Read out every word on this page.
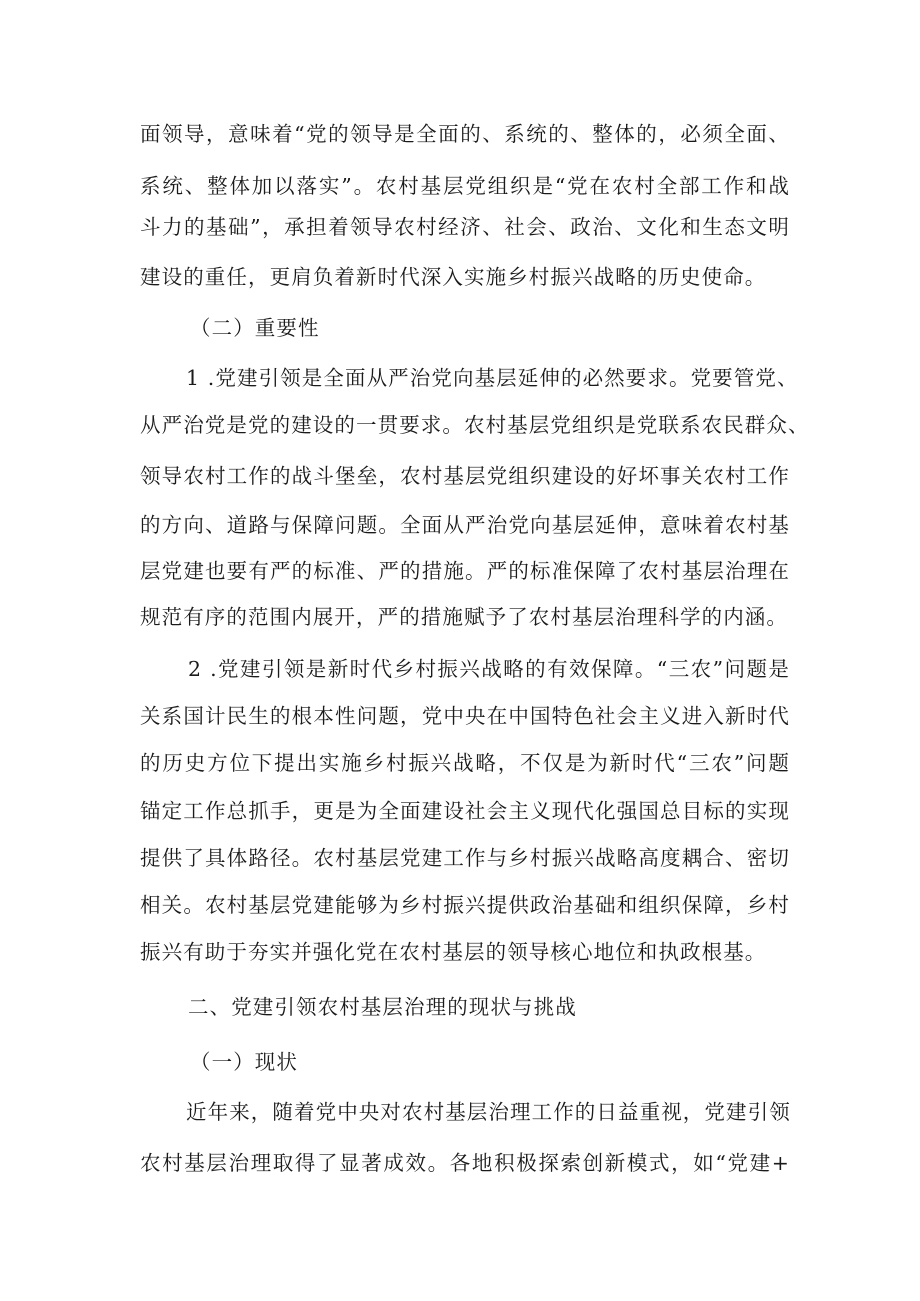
面领导，意味着“党的领导是全面的、系统的、整体的，必须全面、
系统、整体加以落实”。农村基层党组织是“党在农村全部工作和战
斗力的基础”，承担着领导农村经济、社会、政治、文化和生态文明
建设的重任，更肩负着新时代深入实施乡村振兴战略的历史使命。
（二）重要性
1 .党建引领是全面从严治党向基层延伸的必然要求。党要管党、
从严治党是党的建设的一贯要求。农村基层党组织是党联系农民群众、
领导农村工作的战斗堡垒，农村基层党组织建设的好坏事关农村工作
的方向、道路与保障问题。全面从严治党向基层延伸，意味着农村基
层党建也要有严的标准、严的措施。严的标准保障了农村基层治理在
规范有序的范围内展开，严的措施赋予了农村基层治理科学的内涵。
2 .党建引领是新时代乡村振兴战略的有效保障。“三农”问题是
关系国计民生的根本性问题，党中央在中国特色社会主义进入新时代
的历史方位下提出实施乡村振兴战略，不仅是为新时代“三农”问题
锚定工作总抓手，更是为全面建设社会主义现代化强国总目标的实现
提供了具体路径。农村基层党建工作与乡村振兴战略高度耦合、密切
相关。农村基层党建能够为乡村振兴提供政治基础和组织保障，乡村
振兴有助于夯实并强化党在农村基层的领导核心地位和执政根基。
二、党建引领农村基层治理的现状与挑战
（一）现状
近年来，随着党中央对农村基层治理工作的日益重视，党建引领
农村基层治理取得了显著成效。各地积极探索创新模式，如“党建+
